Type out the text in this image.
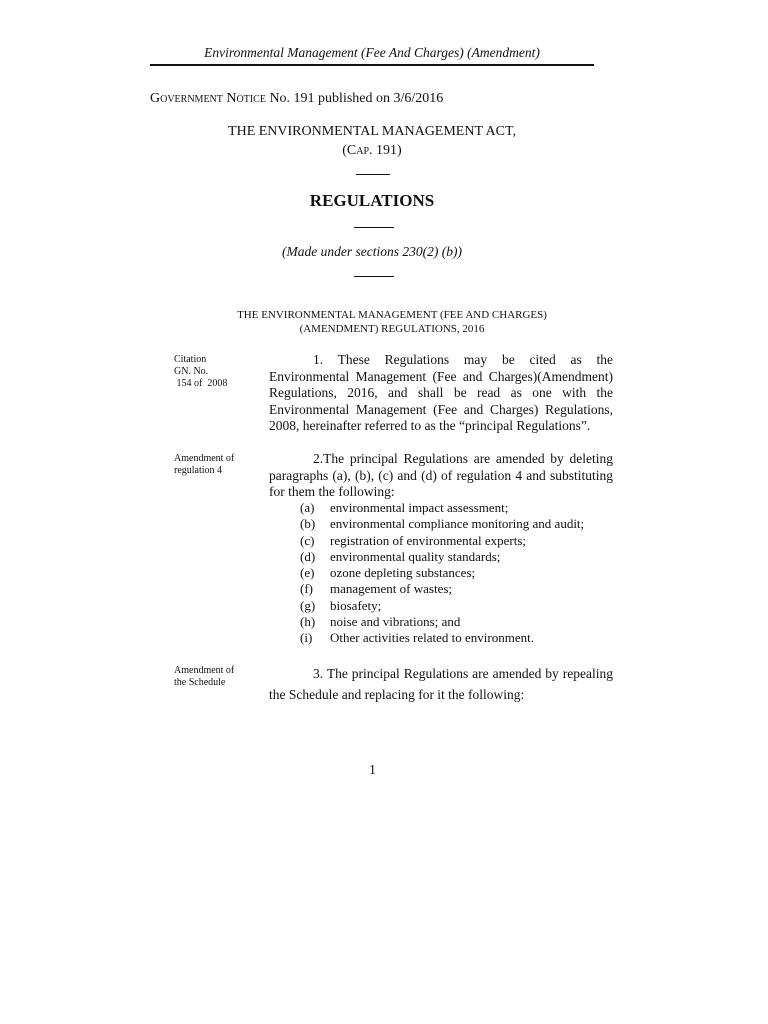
Environmental Management (Fee And Charges) (Amendment)
Government Notice No. 191 published on 3/6/2016
THE ENVIRONMENTAL MANAGEMENT ACT,
(Cap. 191)
REGULATIONS
(Made under sections 230(2) (b))
THE ENVIRONMENTAL MANAGEMENT (FEE AND CHARGES)
(AMENDMENT) REGULATIONS, 2016
Citation
GN. No.
154 of  2008
1. These Regulations may be cited as the Environmental Management (Fee and Charges)(Amendment) Regulations, 2016, and shall be read as one with the Environmental Management (Fee and Charges) Regulations, 2008, hereinafter referred to as the “principal Regulations”.
Amendment of
regulation 4
2.The principal Regulations are amended by deleting paragraphs (a), (b), (c) and (d) of regulation 4 and substituting for them the following:
(a)	environmental impact assessment;
(b)	environmental compliance monitoring and audit;
(c)	registration of environmental experts;
(d)	environmental quality standards;
(e)	ozone depleting substances;
(f)	management of wastes;
(g)	biosafety;
(h)	noise and vibrations; and
(i)	Other activities related to environment.
Amendment of
the Schedule
3. The principal Regulations are amended by repealing the Schedule and replacing for it the following:
1
